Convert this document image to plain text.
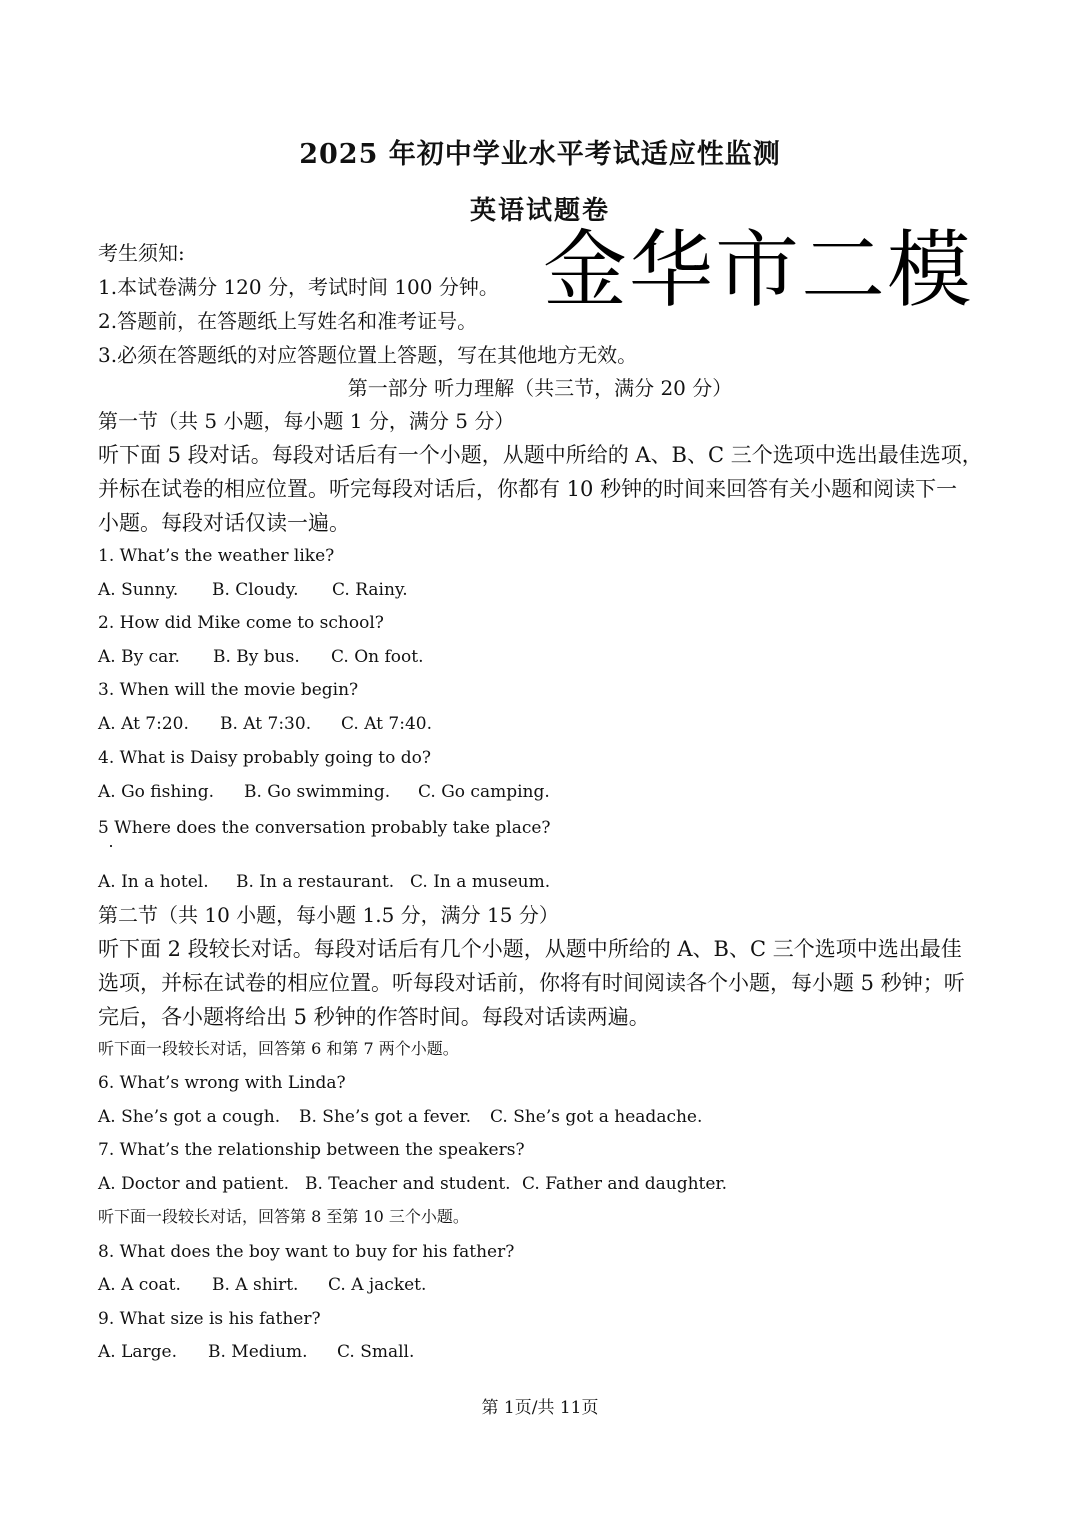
2025 年初中学业水平考试适应性监测
英语试题卷
金华市二模
考生须知:
1.本试卷满分 120 分，考试时间 100 分钟。
2.答题前，在答题纸上写姓名和准考证号。
3.必须在答题纸的对应答题位置上答题，写在其他地方无效。
第一部分 听力理解（共三节，满分 20 分）
第一节（共 5 小题，每小题 1 分，满分 5 分）
听下面 5 段对话。每段对话后有一个小题，从题中所给的 A、B、C 三个选项中选出最佳选项，
并标在试卷的相应位置。听完每段对话后，你都有 10 秒钟的时间来回答有关小题和阅读下一
小题。每段对话仅读一遍。
1. What’s the weather like?
A. Sunny. B. Cloudy. C. Rainy.
2. How did Mike come to school?
A. By car. B. By bus. C. On foot.
3. When will the movie begin?
A. At 7:20. B. At 7:30. C. At 7:40.
4. What is Daisy probably going to do?
A. Go fishing. B. Go swimming. C. Go camping.
5 Where does the conversation probably take place?
A. In a hotel. B. In a restaurant. C. In a museum.
第二节（共 10 小题，每小题 1.5 分，满分 15 分）
听下面 2 段较长对话。每段对话后有几个小题，从题中所给的 A、B、C 三个选项中选出最佳
选项，并标在试卷的相应位置。听每段对话前，你将有时间阅读各个小题，每小题 5 秒钟；听
完后，各小题将给出 5 秒钟的作答时间。每段对话读两遍。
听下面一段较长对话，回答第 6 和第 7 两个小题。
6. What’s wrong with Linda?
A. She’s got a cough. B. She’s got a fever. C. She’s got a headache.
7. What’s the relationship between the speakers?
A. Doctor and patient. B. Teacher and student. C. Father and daughter.
听下面一段较长对话，回答第 8 至第 10 三个小题。
8. What does the boy want to buy for his father?
A. A coat. B. A shirt. C. A jacket.
9. What size is his father?
A. Large. B. Medium. C. Small.
第 1页/共 11页
